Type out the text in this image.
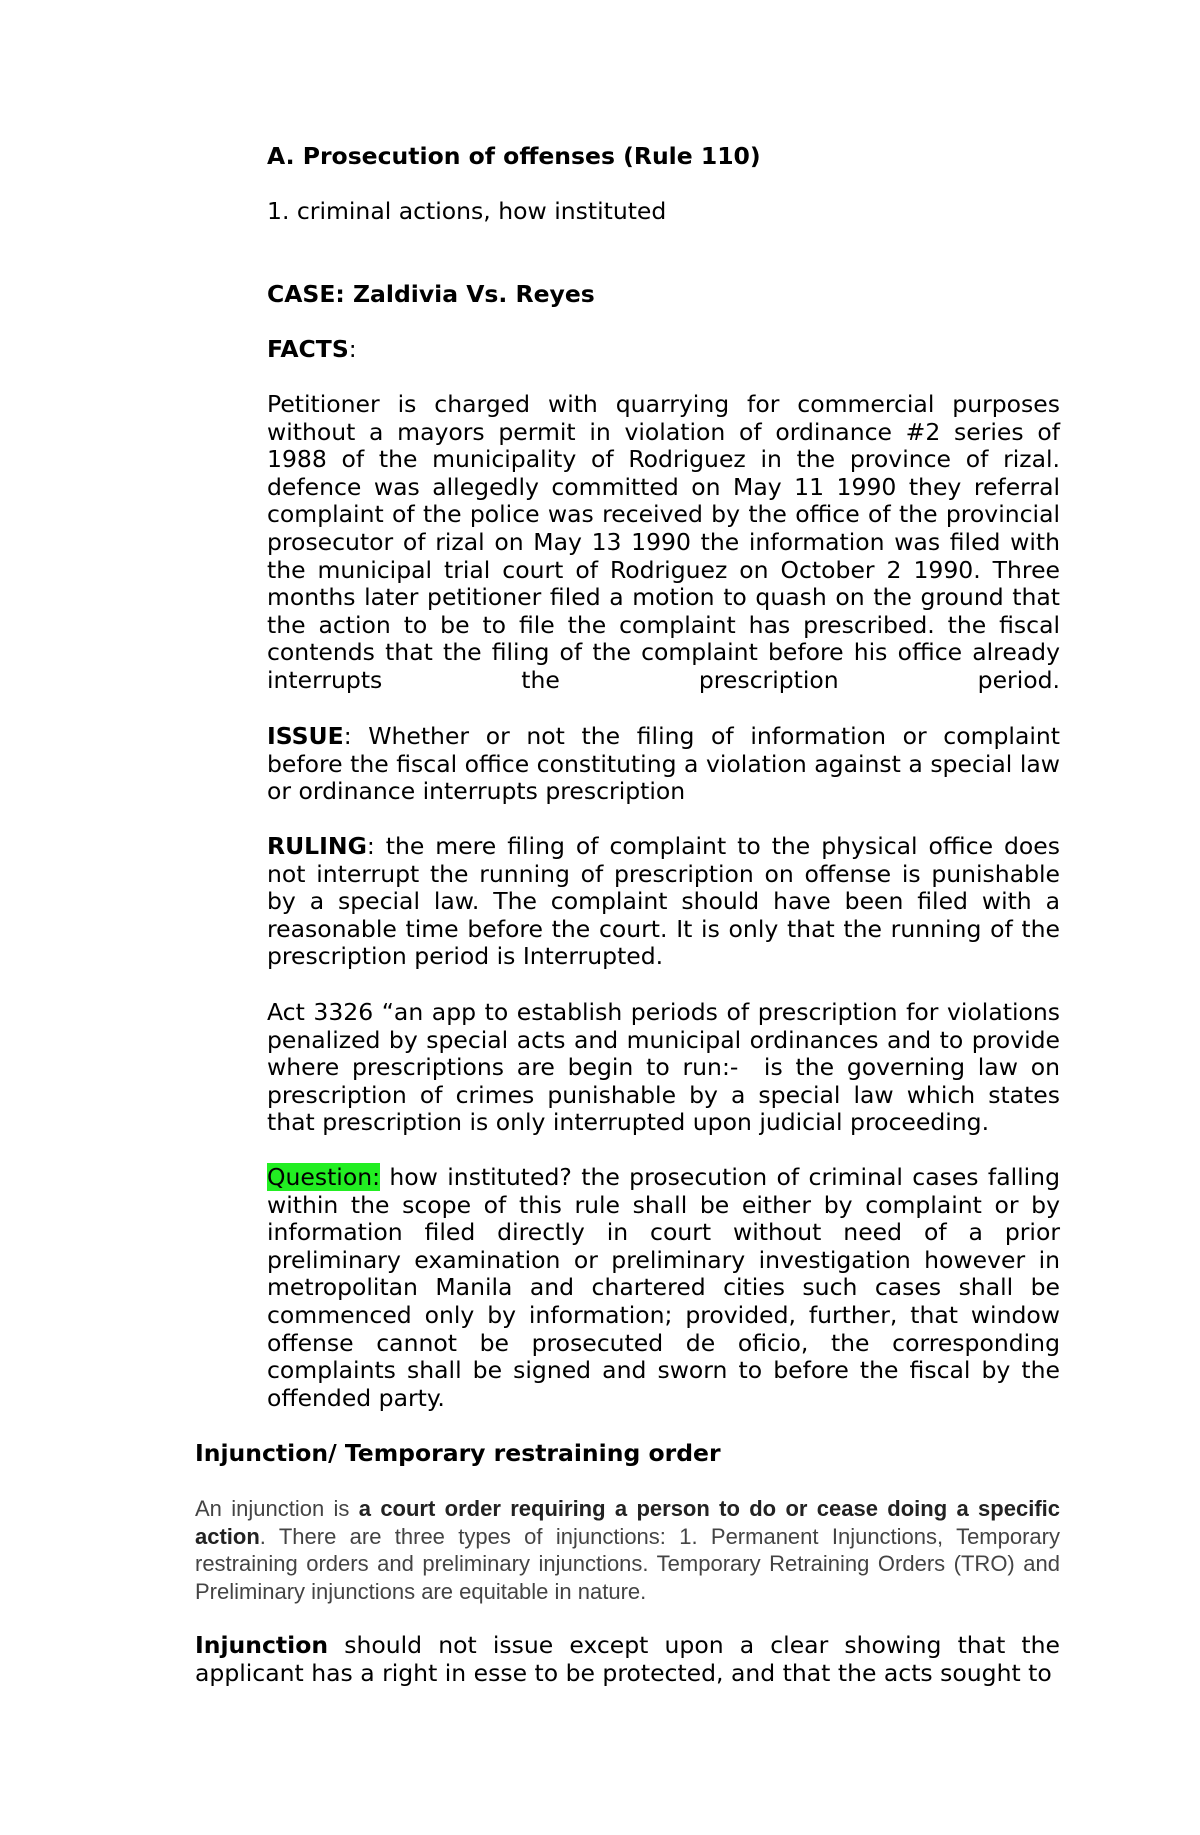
A. Prosecution of offenses (Rule 110)

1. criminal actions, how instituted

CASE: Zaldivia Vs. Reyes

FACTS:

Petitioner is charged with quarrying for commercial purposes without a mayors permit in violation of ordinance #2 series of 1988 of the municipality of Rodriguez in the province of rizal. defence was allegedly committed on May 11 1990 they referral complaint of the police was received by the office of the provincial prosecutor of rizal on May 13 1990 the information was filed with the municipal trial court of Rodriguez on October 2 1990. Three months later petitioner filed a motion to quash on the ground that the action to be to file the complaint has prescribed. the fiscal contends that the filing of the complaint before his office already interrupts the prescription period.

ISSUE: Whether or not the filing of information or complaint before the fiscal office constituting a violation against a special law or ordinance interrupts prescription

RULING: the mere filing of complaint to the physical office does not interrupt the running of prescription on offense is punishable by a special law. The complaint should have been filed with a reasonable time before the court. It is only that the running of the prescription period is Interrupted.

Act 3326 “an app to establish periods of prescription for violations penalized by special acts and municipal ordinances and to provide where prescriptions are begin to run:-  is the governing law on prescription of crimes punishable by a special law which states that prescription is only interrupted upon judicial proceeding.

Question: how instituted? the prosecution of criminal cases falling within the scope of this rule shall be either by complaint or by information filed directly in court without need of a prior preliminary examination or preliminary investigation however in metropolitan Manila and chartered cities such cases shall be commenced only by information; provided, further, that window offense cannot be prosecuted de oficio, the corresponding complaints shall be signed and sworn to before the fiscal by the offended party.

Injunction/ Temporary restraining order

An injunction is a court order requiring a person to do or cease doing a specific action. There are three types of injunctions: 1. Permanent Injunctions, Temporary restraining orders and preliminary injunctions. Temporary Retraining Orders (TRO) and Preliminary injunctions are equitable in nature.

Injunction should not issue except upon a clear showing that the applicant has a right in esse to be protected, and that the acts sought to
